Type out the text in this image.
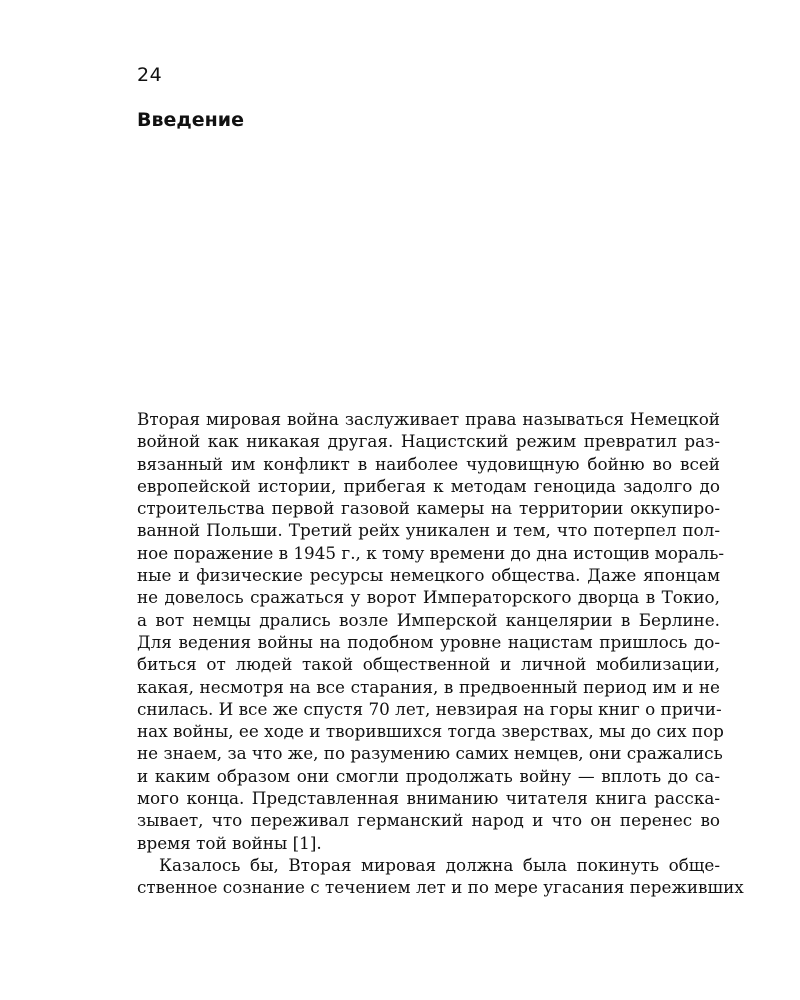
24
Введение
Вторая мировая война заслуживает права называться Немецкой
войной как никакая другая. Нацистский режим превратил раз-
вязанный им конфликт в наиболее чудовищную бойню во всей
европейской истории, прибегая к методам геноцида задолго до
строительства первой газовой камеры на территории оккупиро-
ванной Польши. Третий рейх уникален и тем, что потерпел пол-
ное поражение в 1945 г., к тому времени до дна истощив мораль-
ные и физические ресурсы немецкого общества. Даже японцам
не довелось сражаться у ворот Императорского дворца в Токио,
а вот немцы дрались возле Имперской канцелярии в Берлине.
Для ведения войны на подобном уровне нацистам пришлось до-
биться от людей такой общественной и личной мобилизации,
какая, несмотря на все старания, в предвоенный период им и не
снилась. И все же спустя 70 лет, невзирая на горы книг о причи-
нах войны, ее ходе и творившихся тогда зверствах, мы до сих пор
не знаем, за что же, по разумению самих немцев, они сражались
и каким образом они смогли продолжать войну — вплоть до са-
мого конца. Представленная вниманию читателя книга расска-
зывает, что переживал германский народ и что он перенес во
время той войны [1].
Казалось бы, Вторая мировая должна была покинуть обще-
ственное сознание с течением лет и по мере угасания переживших
